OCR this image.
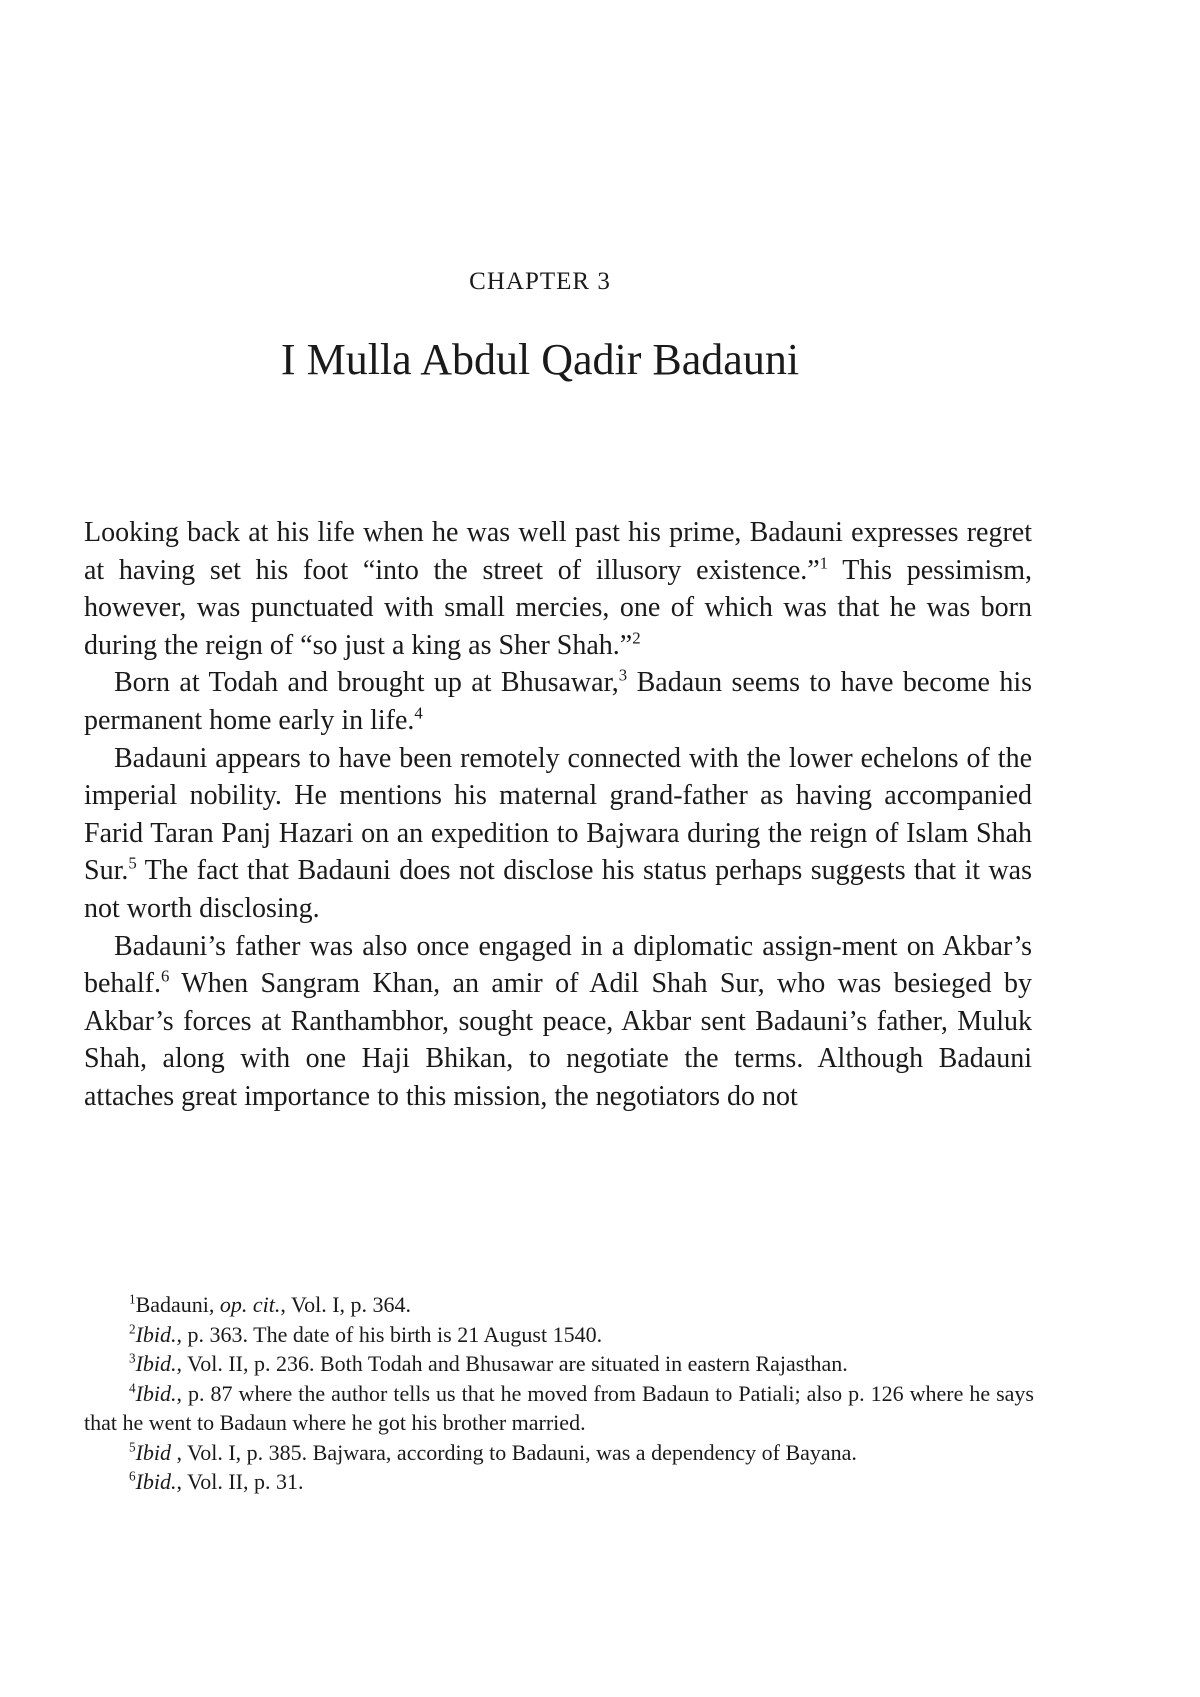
CHAPTER 3
I Mulla Abdul Qadir Badauni

Looking back at his life when he was well past his prime, Badauni expresses regret at having set his foot “into the street of illusory existence.”$^1$ This pessimism, however, was punctuated with small mercies, one of which was that he was born during the reign of “so just a king as Sher Shah.”$^2$

Born at Todah and brought up at Bhusawar,$^3$ Badaun seems to have become his permanent home early in life.$^4$

Badauni appears to have been remotely connected with the lower echelons of the imperial nobility. He mentions his maternal grand-father as having accompanied Farid Taran Panj Hazari on an expedition to Bajwara during the reign of Islam Shah Sur.$^5$ The fact that Badauni does not disclose his status perhaps suggests that it was not worth disclosing.

Badauni’s father was also once engaged in a diplomatic assign-ment on Akbar’s behalf.$^6$ When Sangram Khan, an amir of Adil Shah Sur, who was besieged by Akbar’s forces at Ranthambhor, sought peace, Akbar sent Badauni’s father, Muluk Shah, along with one Haji Bhikan, to negotiate the terms. Although Badauni attaches great importance to this mission, the negotiators do not

$^1$Badauni, op. cit., Vol. I, p. 364.

$^2$Ibid., p. 363. The date of his birth is 21 August 1540.

$^3$Ibid., Vol. II, p. 236. Both Todah and Bhusawar are situated in eastern Rajasthan.

$^4$Ibid., p. 87 where the author tells us that he moved from Badaun to Patiali; also p. 126 where he says that he went to Badaun where he got his brother married.

$^5$Ibid , Vol. I, p. 385. Bajwara, according to Badauni, was a dependency of Bayana.

$^6$Ibid., Vol. II, p. 31.
